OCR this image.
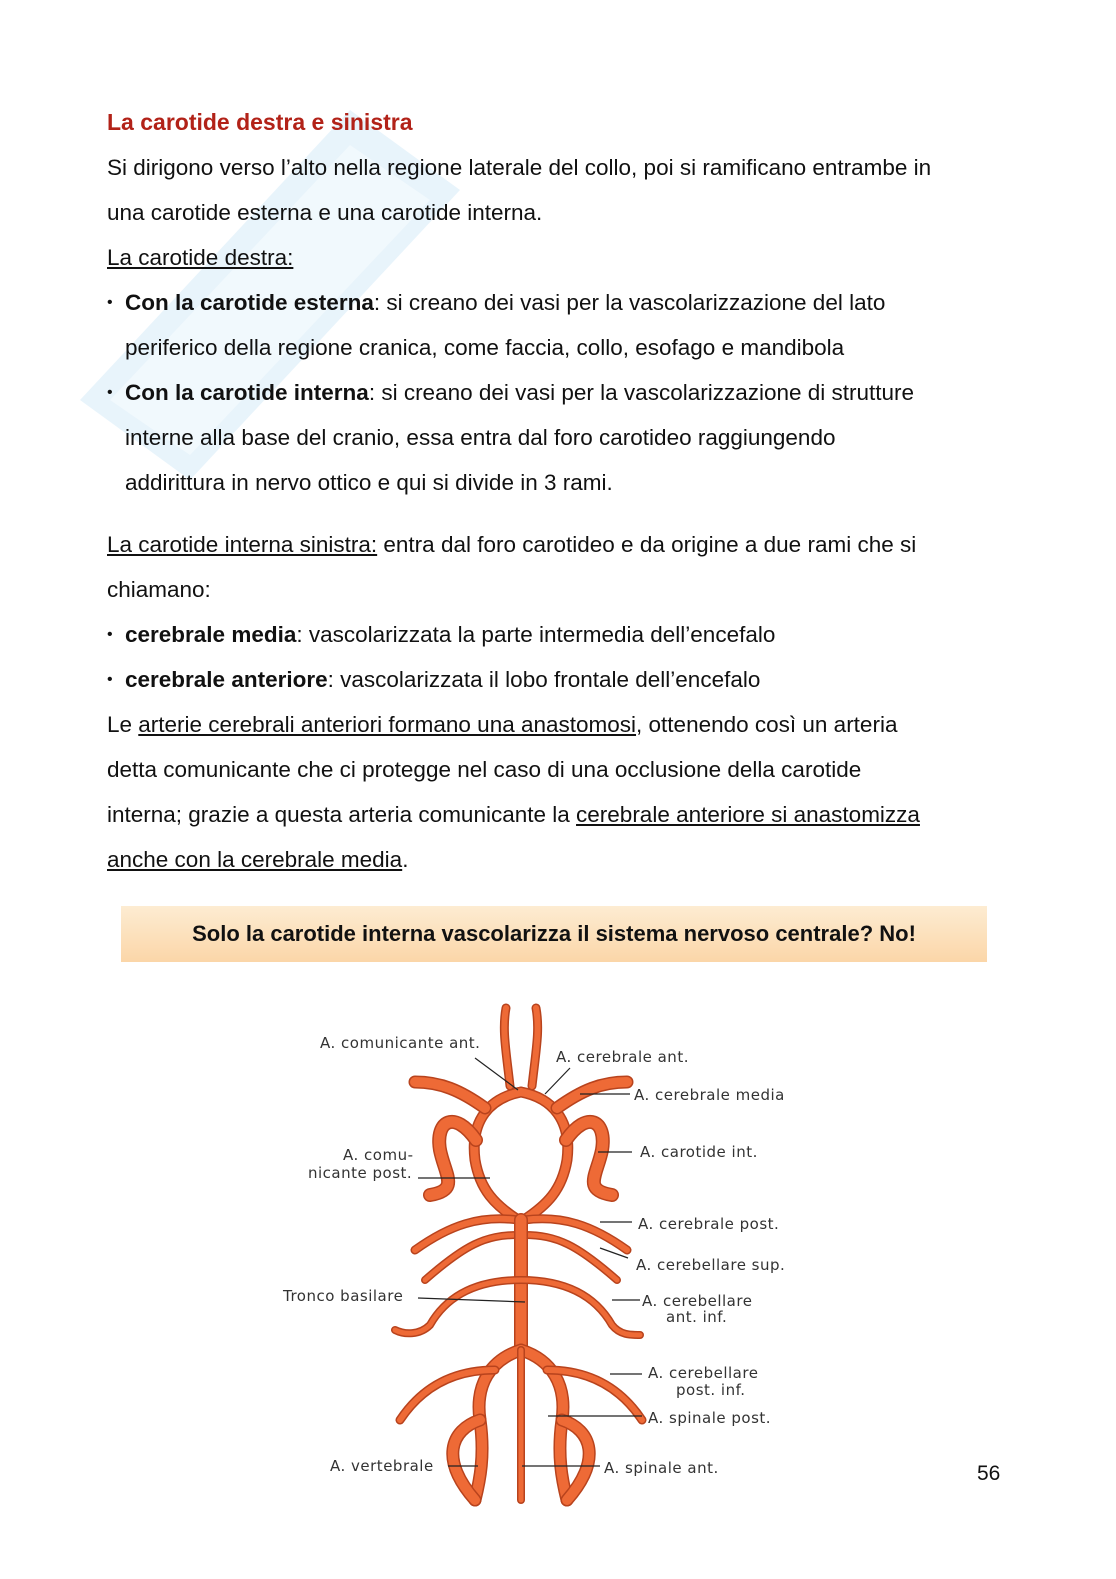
La carotide destra e sinistra

Si dirigono verso l’alto nella regione laterale del collo, poi si ramificano entrambe in

una carotide esterna e una carotide interna.

La carotide destra:

• Con la carotide esterna: si creano dei vasi per la vascolarizzazione del lato
periferico della regione cranica, come faccia, collo, esofago e mandibola
• Con la carotide interna: si creano dei vasi per la vascolarizzazione di strutture
interne alla base del cranio, essa entra dal foro carotideo raggiungendo
addirittura in nervo ottico e qui si divide in 3 rami.

La carotide interna sinistra: entra dal foro carotideo e da origine a due rami che si

chiamano:

• cerebrale media: vascolarizzata la parte intermedia dell’encefalo
• cerebrale anteriore: vascolarizzata il lobo frontale dell’encefalo

Le arterie cerebrali anteriori formano una anastomosi, ottenendo così un arteria

detta comunicante che ci protegge nel caso di una occlusione della carotide

interna; grazie a questa arteria comunicante la cerebrale anteriore si anastomizza

anche con la cerebrale media.

Solo la carotide interna vascolarizza il sistema nervoso centrale? No!
A. comunicante ant.
A. cerebrale ant.
A. cerebrale media
A. comu-
nicante post.
A. carotide int.
A. cerebrale post.
A. cerebellare sup.
Tronco basilare	A. cerebellare
ant. inf.
A. cerebellare
post. inf.
A. spinale post.
A. vertebrale	A. spinale ant.	56
